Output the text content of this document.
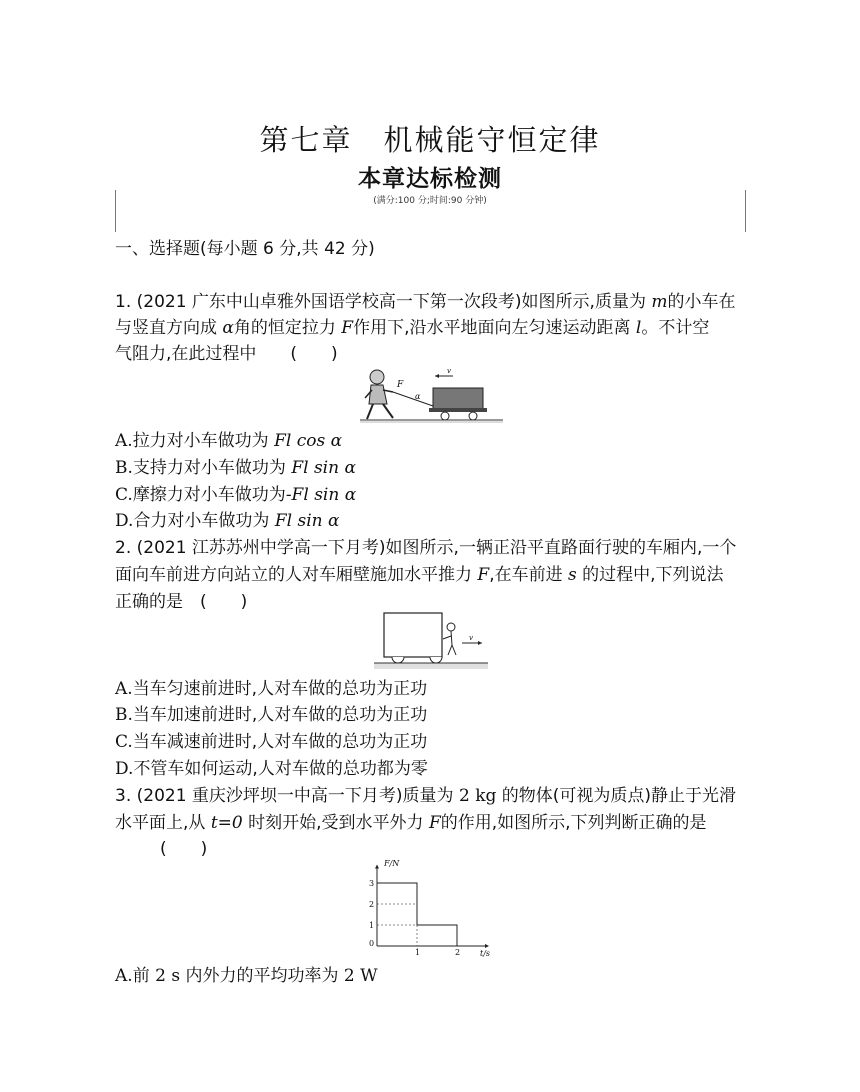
第七章　机械能守恒定律
本章达标检测
(满分:100 分;时间:90 分钟)
一、选择题(每小题 6 分,共 42 分)
1. (2021 广东中山卓雅外国语学校高一下第一次段考)如图所示,质量为 m的小车在
与竖直方向成 α角的恒定拉力 F作用下,沿水平地面向左匀速运动距离 l。不计空
气阻力,在此过程中　　(　　)
F
α
v
A.拉力对小车做功为 Fl cos α
B.支持力对小车做功为 Fl sin α
C.摩擦力对小车做功为-Fl sin α
D.合力对小车做功为 Fl sin α
2. (2021 江苏苏州中学高一下月考)如图所示,一辆正沿平直路面行驶的车厢内,一个
面向车前进方向站立的人对车厢壁施加水平推力 F,在车前进 s 的过程中,下列说法
正确的是　(　　)
v
A.当车匀速前进时,人对车做的总功为正功
B.当车加速前进时,人对车做的总功为正功
C.当车减速前进时,人对车做的总功为正功
D.不管车如何运动,人对车做的总功都为零
3. (2021 重庆沙坪坝一中高一下月考)质量为 2 kg 的物体(可视为质点)静止于光滑
水平面上,从 t=0 时刻开始,受到水平外力 F的作用,如图所示,下列判断正确的是
(　　)
1
2
3
0
1	2
F/N
t/s
A.前 2 s 内外力的平均功率为 2 W
